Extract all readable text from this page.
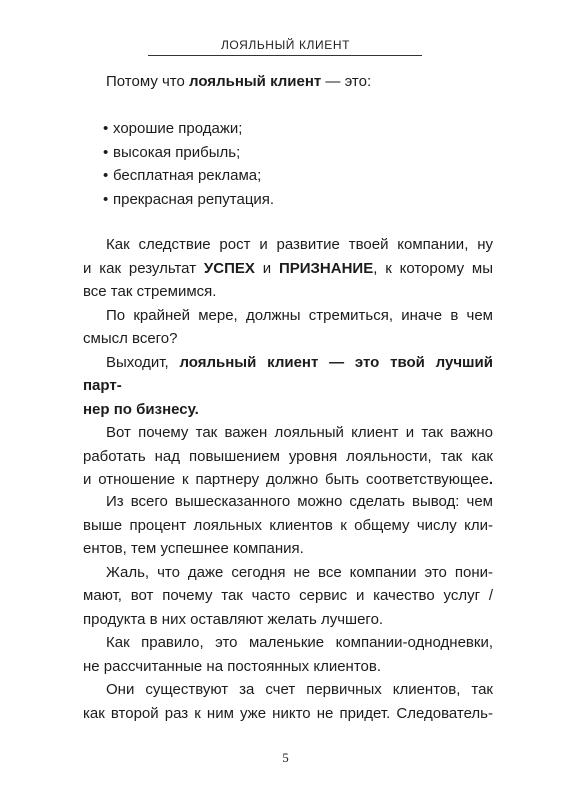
ЛОЯЛЬНЫЙ КЛИЕНТ

Потому что лояльный клиент — это:

• хорошие продажи;
• высокая прибыль;
• бесплатная реклама;
• прекрасная репутация.
Как следствие рост и развитие твоей компании, ну
и как результат УСПЕХ и ПРИЗНАНИЕ, к которому мы
все так стремимся.
По крайней мере, должны стремиться, иначе в чем
смысл всего?
Выходит, лояльный клиент — это твой лучший парт-
нер по бизнесу.
Вот почему так важен лояльный клиент и так важно
работать над повышением уровня лояльности, так как
и отношение к партнеру должно быть соответствующее.
Из всего вышесказанного можно сделать вывод: чем
выше процент лояльных клиентов к общему числу кли-
ентов, тем успешнее компания.
Жаль, что даже сегодня не все компании это пони-
мают, вот почему так часто сервис и качество услуг /
продукта в них оставляют желать лучшего.
Как правило, это маленькие компании-однодневки,
не рассчитанные на постоянных клиентов.
Они существуют за счет первичных клиентов, так
как второй раз к ним уже никто не придет. Следователь-
5
